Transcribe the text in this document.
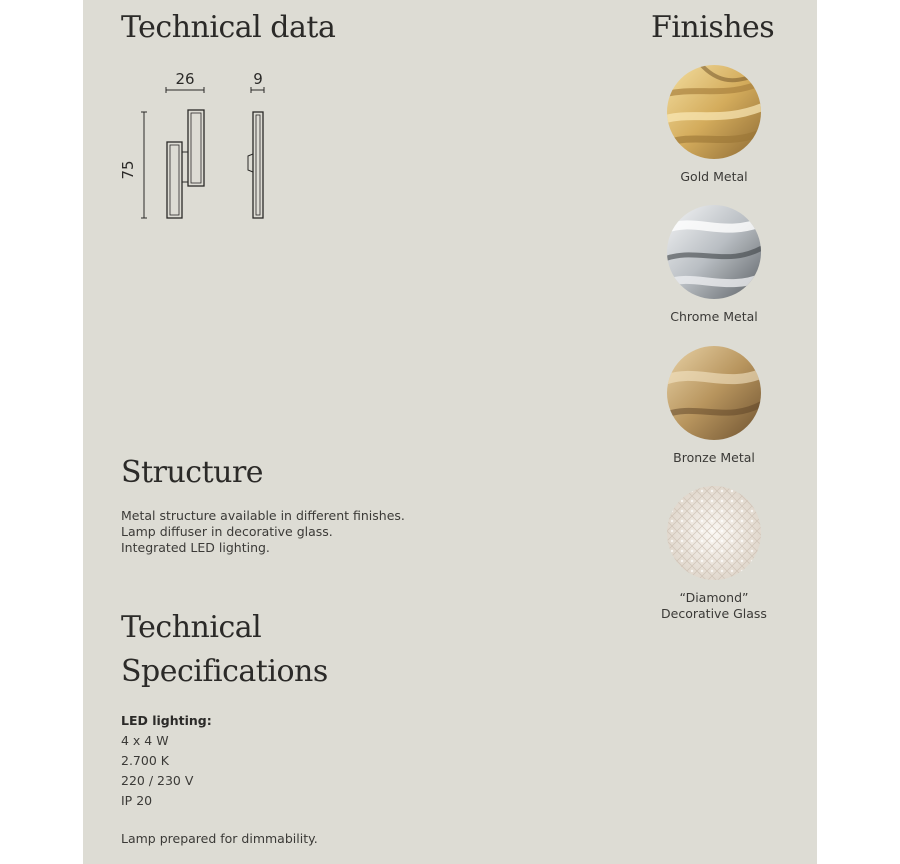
Technical data
26	9
75
Finishes
Gold Metal
Chrome Metal
Bronze Metal
“Diamond”
Decorative Glass
Structure
Metal structure available in different finishes.
Lamp diffuser in decorative glass.
Integrated LED lighting.
Technical
Specifications
LED lighting:
4 x 4 W
2.700 K
220 / 230 V
IP 20
Lamp prepared for dimmability.
